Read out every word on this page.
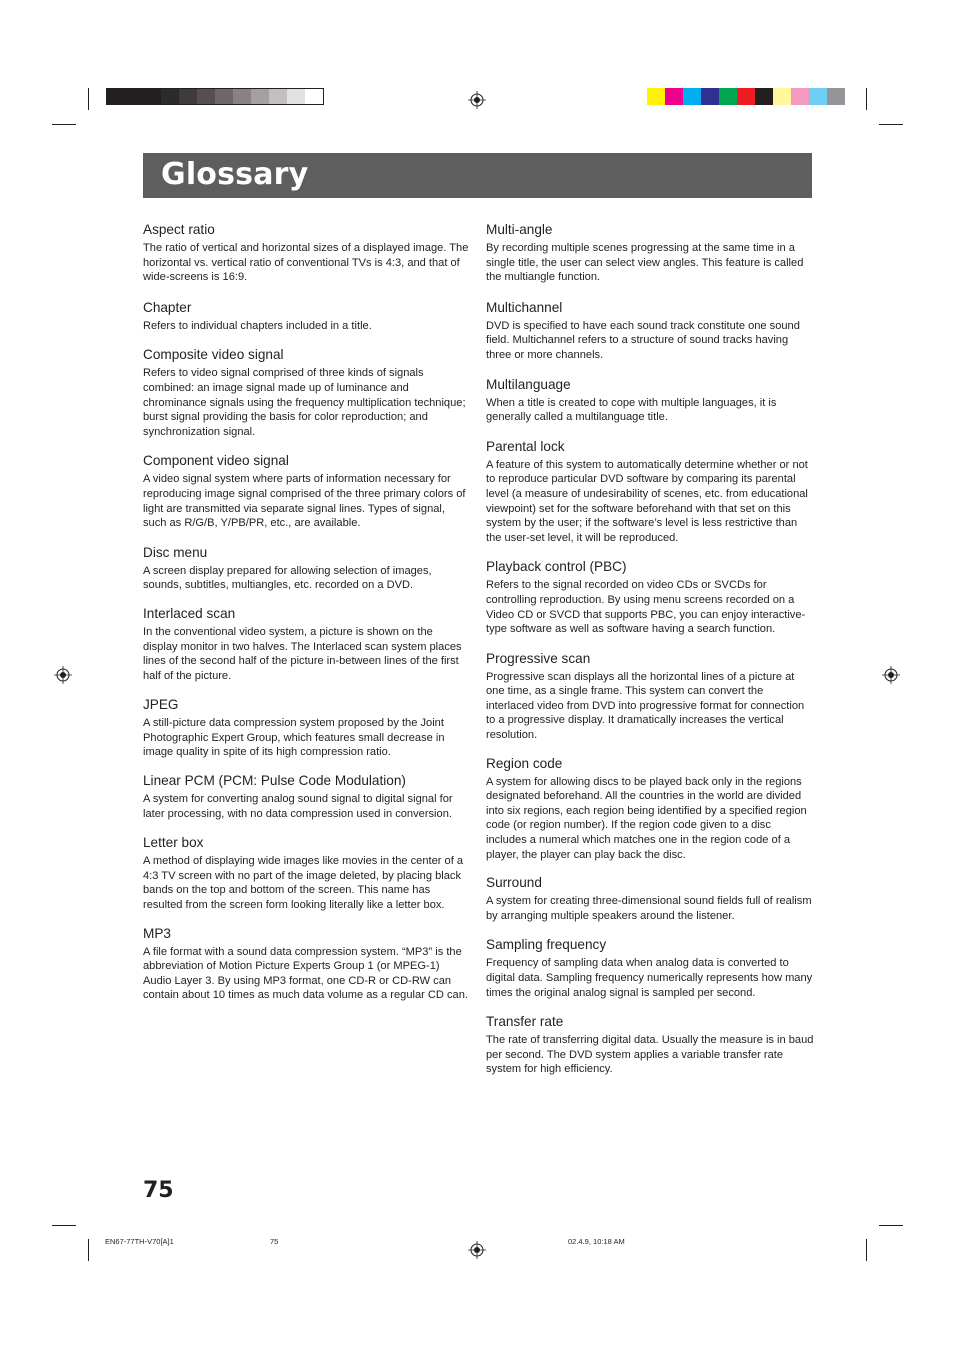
Glossary
Aspect ratio

The ratio of vertical and horizontal sizes of a displayed image. The horizontal vs. vertical ratio of conventional TVs is 4:3, and that of wide-screens is 16:9.

Chapter

Refers to individual chapters included in a title.

Composite video signal

Refers to video signal comprised of three kinds of signals combined: an image signal made up of luminance and chrominance signals using the frequency multiplication technique; burst signal providing the basis for color reproduction; and synchronization signal.

Component video signal

A video signal system where parts of information necessary for reproducing image signal comprised of the three primary colors of light are transmitted via separate signal lines. Types of signal, such as R/G/B, Y/PB/PR, etc., are available.

Disc menu

A screen display prepared for allowing selection of images, sounds, subtitles, multiangles, etc. recorded on a DVD.

Interlaced scan

In the conventional video system, a picture is shown on the display monitor in two halves. The Interlaced scan system places lines of the second half of the picture in-between lines of the first half of the picture.

JPEG

A still-picture data compression system proposed by the Joint Photographic Expert Group, which features small decrease in image quality in spite of its high compression ratio.

Linear PCM (PCM: Pulse Code Modulation)

A system for converting analog sound signal to digital signal for later processing, with no data compression used in conversion.

Letter box

A method of displaying wide images like movies in the center of a 4:3 TV screen with no part of the image deleted, by placing black bands on the top and bottom of the screen. This name has resulted from the screen form looking literally like a letter box.

MP3

A file format with a sound data compression system. “MP3” is the abbreviation of Motion Picture Experts Group 1 (or MPEG-1) Audio Layer 3. By using MP3 format, one CD-R or CD-RW can contain about 10 times as much data volume as a regular CD can.

Multi-angle

By recording multiple scenes progressing at the same time in a single title, the user can select view angles. This feature is called the multiangle function.

Multichannel

DVD is specified to have each sound track constitute one sound field. Multichannel refers to a structure of sound tracks having three or more channels.

Multilanguage

When a title is created to cope with multiple languages, it is generally called a multilanguage title.

Parental lock

A feature of this system to automatically determine whether or not to reproduce particular DVD software by comparing its parental level (a measure of undesirability of scenes, etc. from educational viewpoint) set for the software beforehand with that set on this system by the user; if the software’s level is less restrictive than the user-set level, it will be reproduced.

Playback control (PBC)

Refers to the signal recorded on video CDs or SVCDs for controlling reproduction. By using menu screens recorded on a Video CD or SVCD that supports PBC, you can enjoy interactive-type software as well as software having a search function.

Progressive scan

Progressive scan displays all the horizontal lines of a picture at one time, as a single frame. This system can convert the interlaced video from DVD into progressive format for connection to a progressive display. It dramatically increases the vertical resolution.

Region code

A system for allowing discs to be played back only in the regions designated beforehand. All the countries in the world are divided into six regions, each region being identified by a specified region code (or region number). If the region code given to a disc includes a numeral which matches one in the region code of a player, the player can play back the disc.

Surround

A system for creating three-dimensional sound fields full of realism by arranging multiple speakers around the listener.

Sampling frequency

Frequency of sampling data when analog data is converted to digital data. Sampling frequency numerically represents how many times the original analog signal is sampled per second.

Transfer rate

The rate of transferring digital data. Usually the measure is in baud per second. The DVD system applies a variable transfer rate system for high efficiency.

75
EN67-77TH-V70[A]1	75	02.4.9, 10:18 AM
